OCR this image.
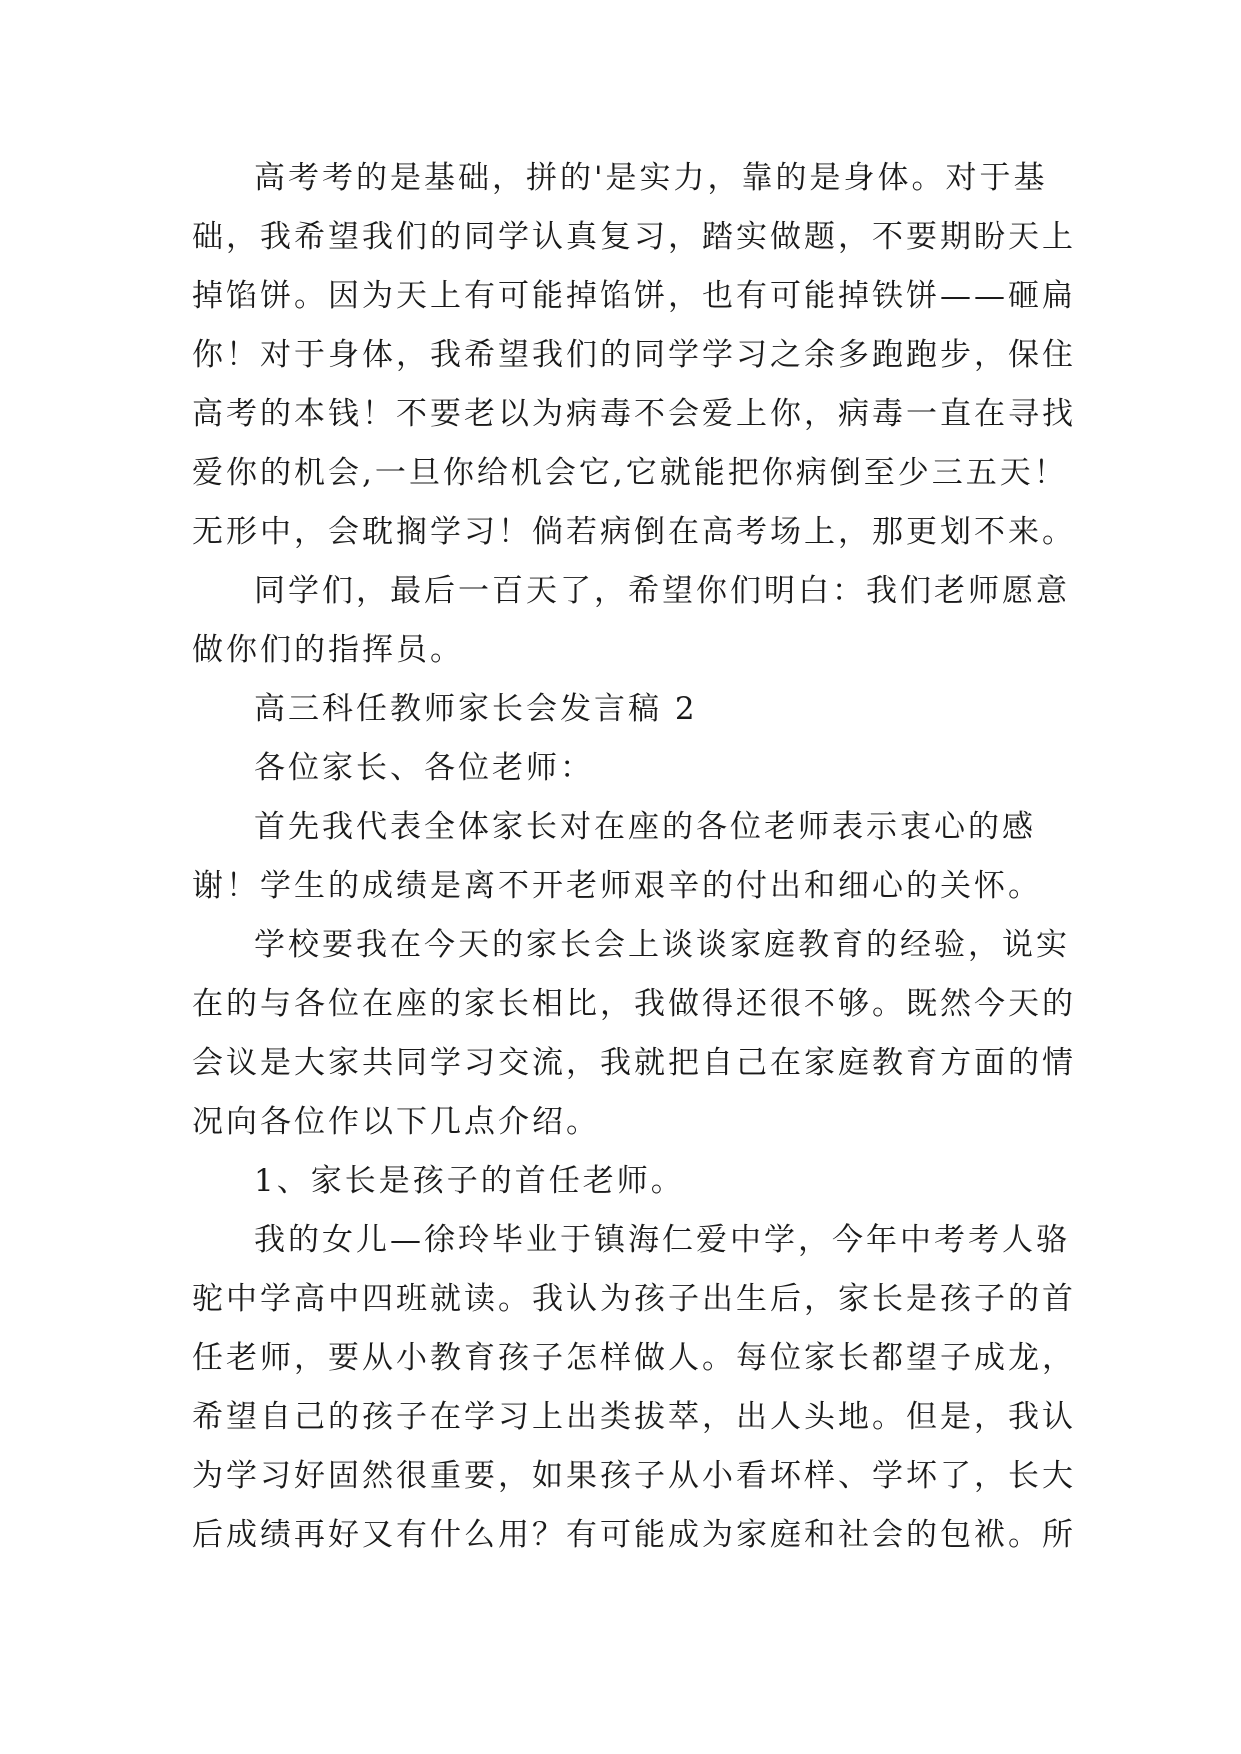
高考考的是基础，拼的'是实力，靠的是身体。对于基
础，我希望我们的同学认真复习，踏实做题，不要期盼天上
掉馅饼。因为天上有可能掉馅饼，也有可能掉铁饼——砸扁
你！对于身体，我希望我们的同学学习之余多跑跑步，保住
高考的本钱！不要老以为病毒不会爱上你，病毒一直在寻找
爱你的机会,一旦你给机会它,它就能把你病倒至少三五天！
无形中，会耽搁学习！倘若病倒在高考场上，那更划不来。
同学们，最后一百天了，希望你们明白：我们老师愿意
做你们的指挥员。
高三科任教师家长会发言稿 2
各位家长、各位老师：
首先我代表全体家长对在座的各位老师表示衷心的感
谢！学生的成绩是离不开老师艰辛的付出和细心的关怀。
学校要我在今天的家长会上谈谈家庭教育的经验，说实
在的与各位在座的家长相比，我做得还很不够。既然今天的
会议是大家共同学习交流，我就把自己在家庭教育方面的情
况向各位作以下几点介绍。
1、家长是孩子的首任老师。
我的女儿—徐玲毕业于镇海仁爱中学，今年中考考人骆
驼中学高中四班就读。我认为孩子出生后，家长是孩子的首
任老师，要从小教育孩子怎样做人。每位家长都望子成龙，
希望自己的孩子在学习上出类拔萃，出人头地。但是，我认
为学习好固然很重要，如果孩子从小看坏样、学坏了，长大
后成绩再好又有什么用？有可能成为家庭和社会的包袱。所
